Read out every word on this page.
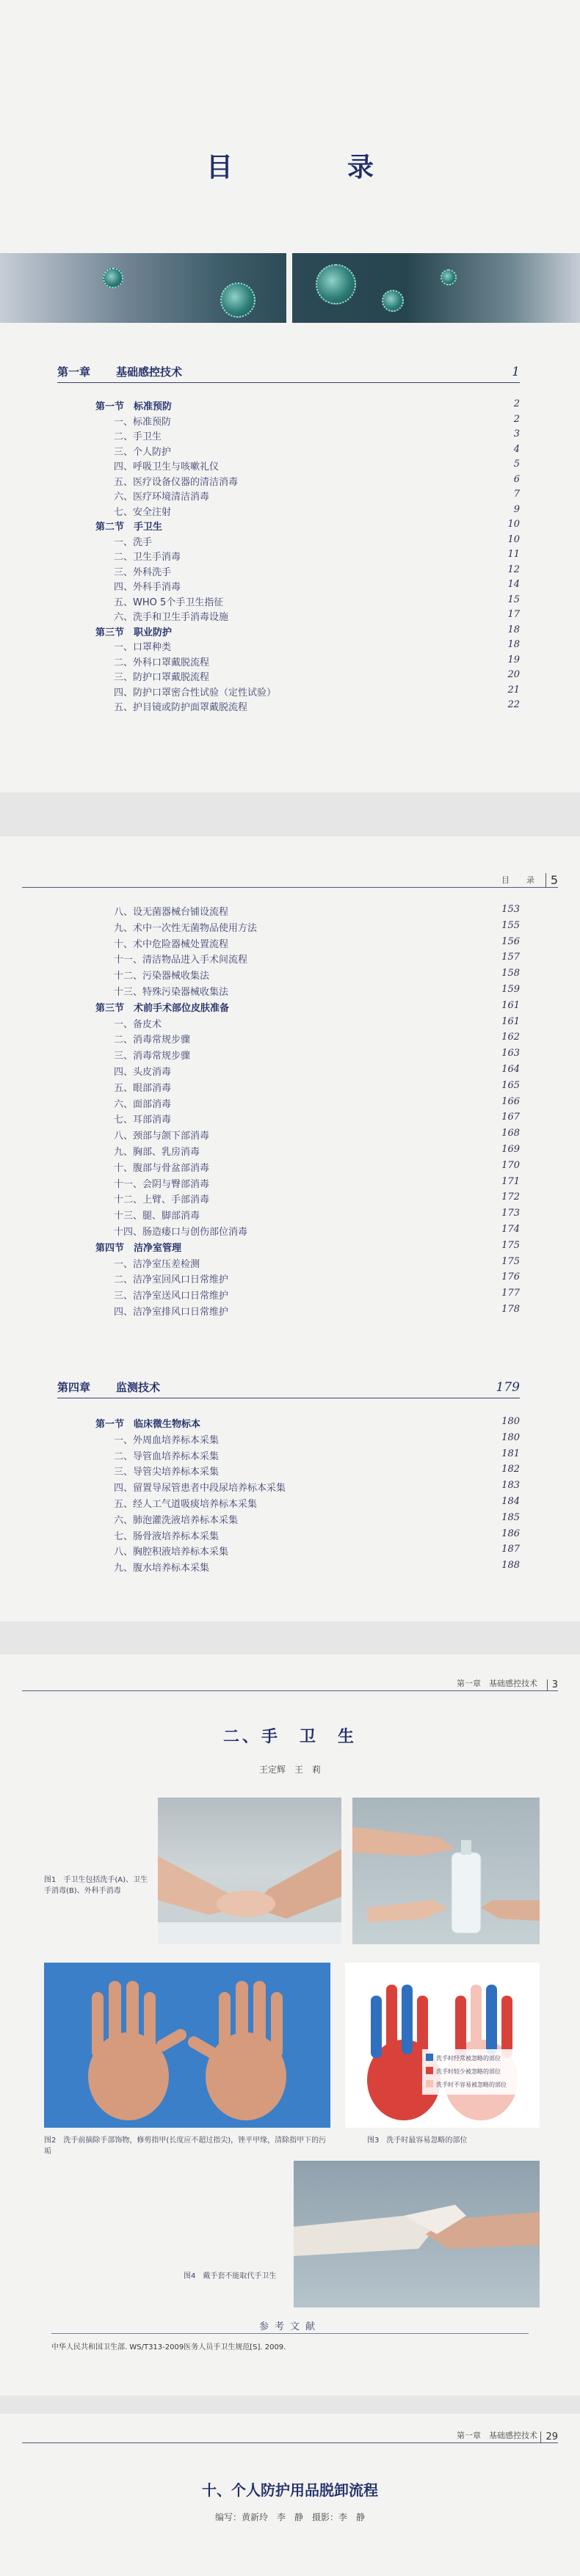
目　录
第一章 基础感控技术	1
第一节　标准预防	2
一、标准预防	2
二、手卫生	3
三、个人防护	4
四、呼吸卫生与咳嗽礼仪	5
五、医疗设备仪器的清洁消毒	6
六、医疗环境清洁消毒	7
七、安全注射	9
第二节　手卫生	10
一、洗手	10
二、卫生手消毒	11
三、外科洗手	12
四、外科手消毒	14
五、WHO 5个手卫生指征	15
六、洗手和卫生手消毒设施	17
第三节　职业防护	18
一、口罩种类	18
二、外科口罩戴脱流程	19
三、防护口罩戴脱流程	20
四、防护口罩密合性试验（定性试验）	21
五、护目镜或防护面罩戴脱流程	22
目　录 5
八、设无菌器械台铺设流程	153
九、术中一次性无菌物品使用方法	155
十、术中危险器械处置流程	156
十一、清洁物品进入手术间流程	157
十二、污染器械收集法	158
十三、特殊污染器械收集法	159
第三节　术前手术部位皮肤准备	161
一、备皮术	161
二、消毒常规步骤	162
三、消毒常规步骤	163
四、头皮消毒	164
五、眼部消毒	165
六、面部消毒	166
七、耳部消毒	167
八、颈部与颌下部消毒	168
九、胸部、乳房消毒	169
十、腹部与骨盆部消毒	170
十一、会阴与臀部消毒	171
十二、上臂、手部消毒	172
十三、腿、脚部消毒	173
十四、肠造瘘口与创伤部位消毒	174
第四节　洁净室管理	175
一、洁净室压差检测	175
二、洁净室回风口日常维护	176
三、洁净室送风口日常维护	177
四、洁净室排风口日常维护	178
第四章 监测技术	179
第一节　临床微生物标本	180
一、外周血培养标本采集	180
二、导管血培养标本采集	181
三、导管尖培养标本采集	182
四、留置导尿管患者中段尿培养标本采集	183
五、经人工气道吸痰培养标本采集	184
六、肺泡灌洗液培养标本采集	185
七、肠骨液培养标本采集	186
八、胸腔积液培养标本采集	187
九、腹水培养标本采集	188
第一章　基础感控技术	3
二、手　卫　生
王定辉　王　莉
图1　手卫生包括洗手(A)、卫生手消毒(B)、外科手消毒
图2　洗手前摘除手部饰物，修剪指甲(长度应不超过指尖)，锉平甲缘，清除指甲下的污垢
洗手时经常被忽略的部位
洗手时较少被忽略的部位
洗手时不容易被忽略的部位
图3　洗手时最容易忽略的部位
图4　戴手套不能取代手卫生
参考文献
中华人民共和国卫生部. WS/T313-2009医务人员手卫生规范[S]. 2009.
第一章　基础感控技术 29
十、个人防护用品脱卸流程
编写：黄新玲　李　静　摄影：李　静
